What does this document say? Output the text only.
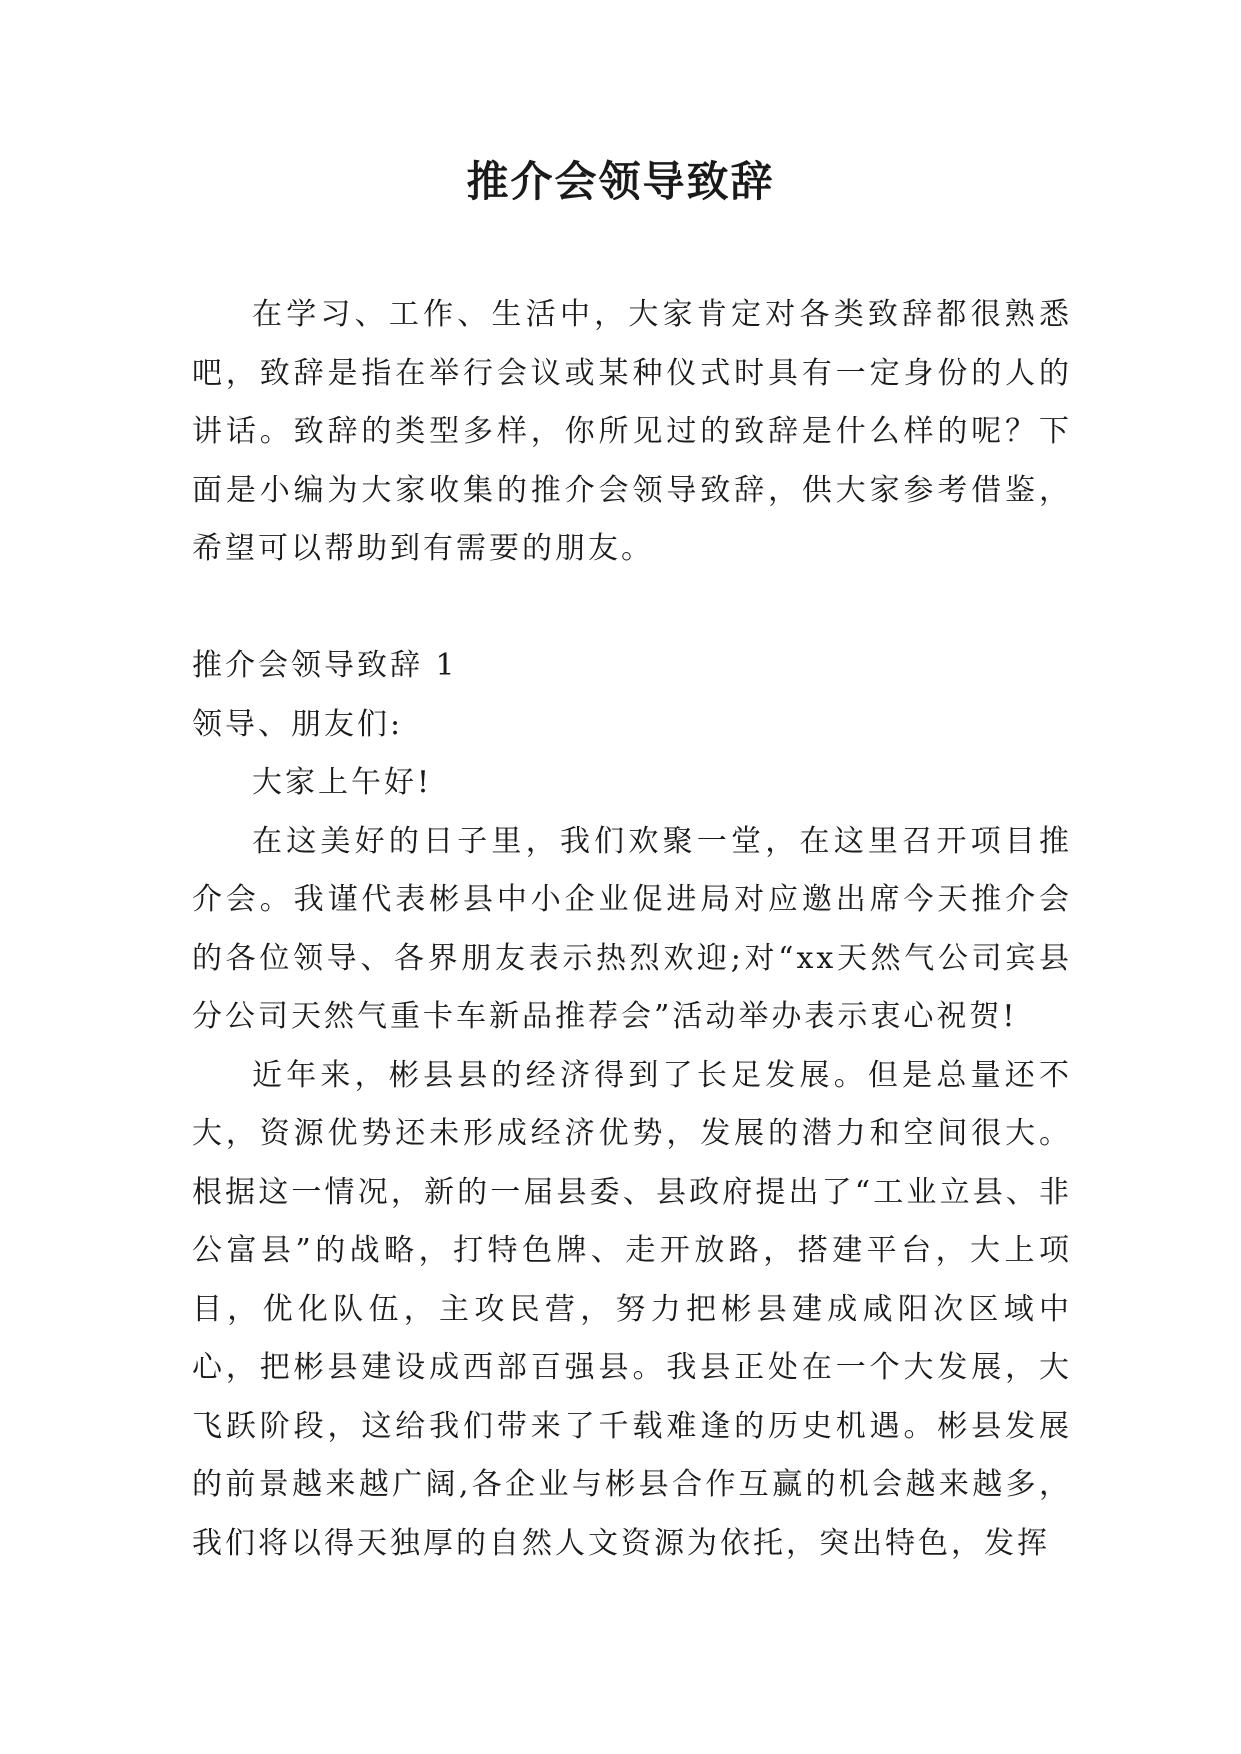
推介会领导致辞

在学习、工作、生活中，大家肯定对各类致辞都很熟悉吧，致辞是指在举行会议或某种仪式时具有一定身份的人的讲话。致辞的类型多样，你所见过的致辞是什么样的呢？下面是小编为大家收集的推介会领导致辞，供大家参考借鉴，希望可以帮助到有需要的朋友。

推介会领导致辞 1

领导、朋友们:

大家上午好!

在这美好的日子里，我们欢聚一堂，在这里召开项目推介会。我谨代表彬县中小企业促进局对应邀出席今天推介会的各位领导、各界朋友表示热烈欢迎;对“xx天然气公司宾县分公司天然气重卡车新品推荐会”活动举办表示衷心祝贺!

近年来，彬县县的经济得到了长足发展。但是总量还不大，资源优势还未形成经济优势，发展的潜力和空间很大。根据这一情况，新的一届县委、县政府提出了“工业立县、非公富县”的战略，打特色牌、走开放路，搭建平台，大上项目，优化队伍，主攻民营，努力把彬县建成咸阳次区域中心，把彬县建设成西部百强县。我县正处在一个大发展，大飞跃阶段，这给我们带来了千载难逢的历史机遇。彬县发展的前景越来越广阔,各企业与彬县合作互赢的机会越来越多，我们将以得天独厚的自然人文资源为依托，突出特色，发挥
